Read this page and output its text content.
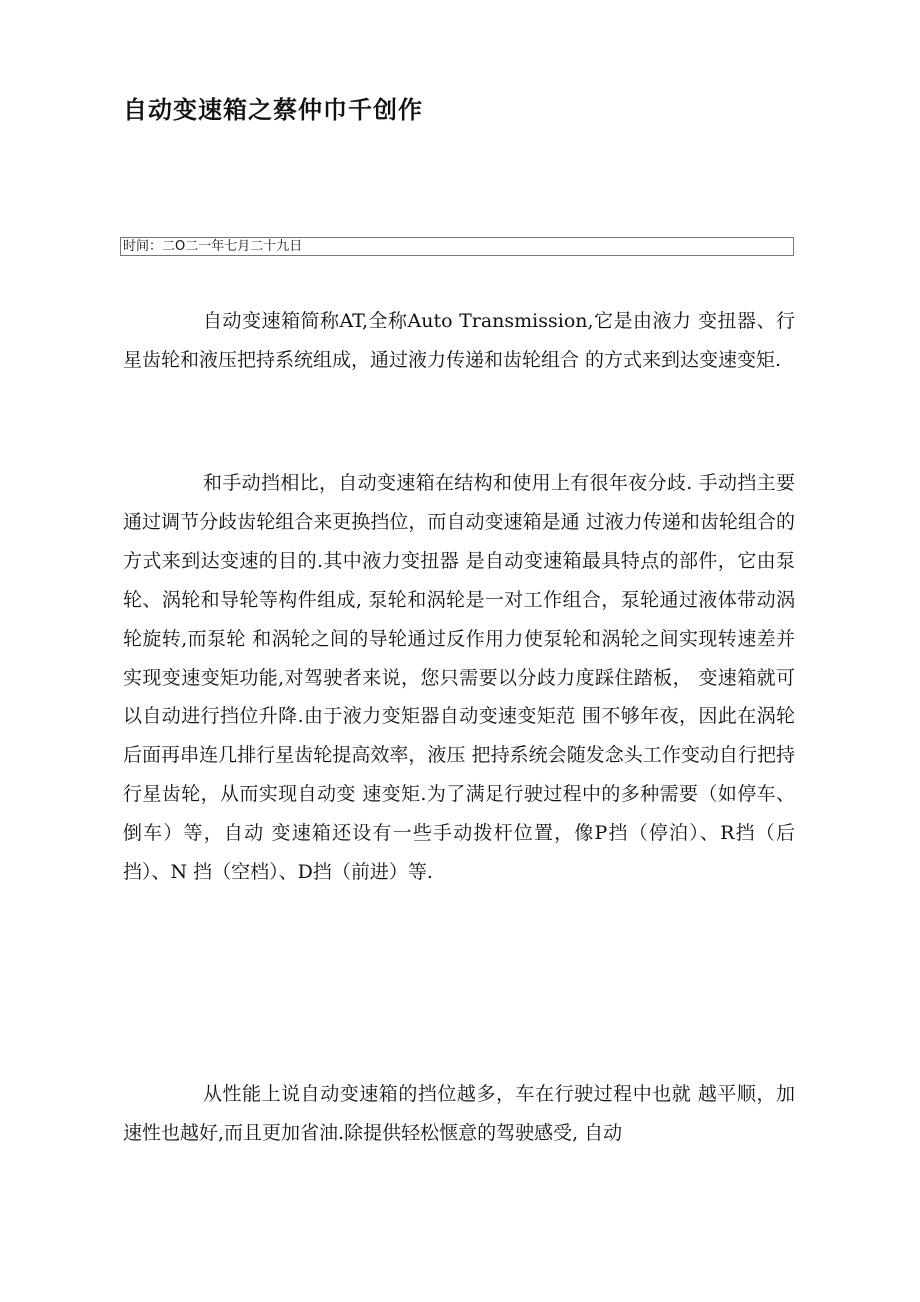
自动变速箱之蔡仲巾千创作
时间：二O二一年七月二十九日

自动变速箱简称AT,全称Auto Transmission,它是由液力 变扭器、行星齿轮和液压把持系统组成，通过液力传递和齿轮组合 的方式来到达变速变矩.

和手动挡相比，自动变速箱在结构和使用上有很年夜分歧. 手动挡主要通过调节分歧齿轮组合来更换挡位，而自动变速箱是通 过液力传递和齿轮组合的方式来到达变速的目的.其中液力变扭器 是自动变速箱最具特点的部件，它由泵轮、涡轮和导轮等构件组成, 泵轮和涡轮是一对工作组合，泵轮通过液体带动涡轮旋转,而泵轮 和涡轮之间的导轮通过反作用力使泵轮和涡轮之间实现转速差并 实现变速变矩功能,对驾驶者来说，您只需要以分歧力度踩住踏板， 变速箱就可以自动进行挡位升降.由于液力变矩器自动变速变矩范 围不够年夜，因此在涡轮后面再串连几排行星齿轮提高效率，液压 把持系统会随发念头工作变动自行把持行星齿轮，从而实现自动变 速变矩.为了满足行驶过程中的多种需要（如停车、倒车）等，自动 变速箱还设有一些手动拨杆位置，像P挡（停泊）、R挡（后挡）、N 挡（空档）、D挡（前进）等.

从性能上说自动变速箱的挡位越多，车在行驶过程中也就 越平顺，加速性也越好,而且更加省油.除提供轻松惬意的驾驶感受, 自动
